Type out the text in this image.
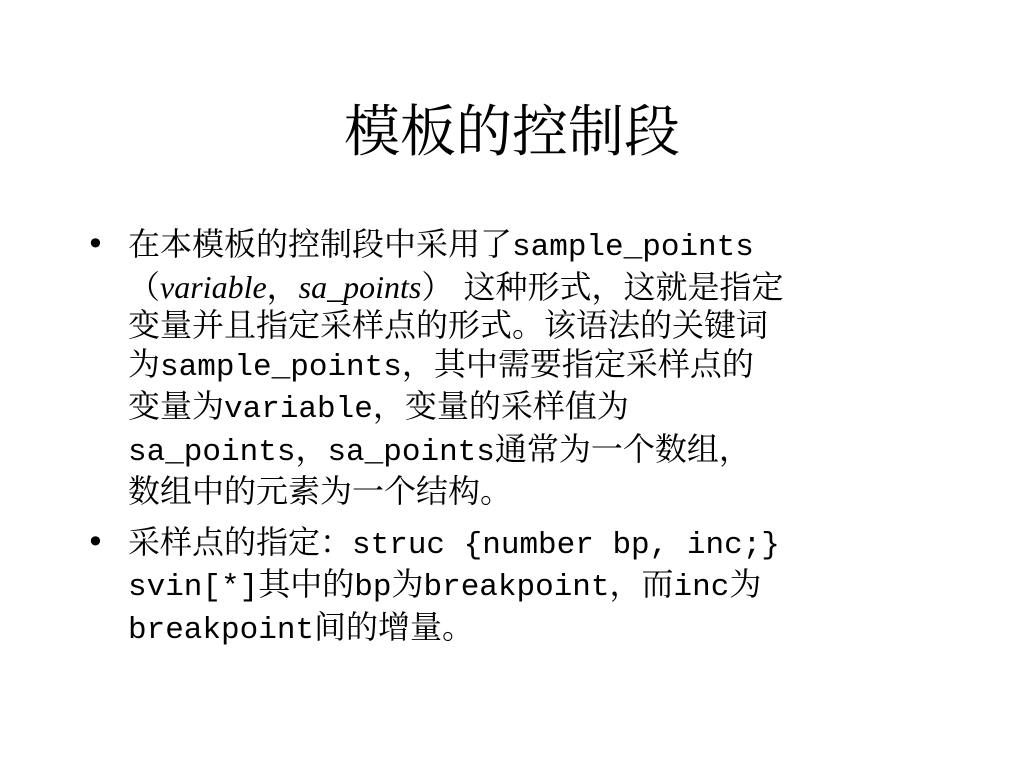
模板的控制段
• 在本模板的控制段中采用了sample_points
（variable，sa_points） 这种形式，这就是指定
变量并且指定采样点的形式。该语法的关键词
为sample_points，其中需要指定采样点的
变量为variable，变量的采样值为
sa_points，sa_points通常为一个数组，
数组中的元素为一个结构。
• 采样点的指定：struc {number bp, inc;}
svin[*]其中的bp为breakpoint，而inc为
breakpoint间的增量。
